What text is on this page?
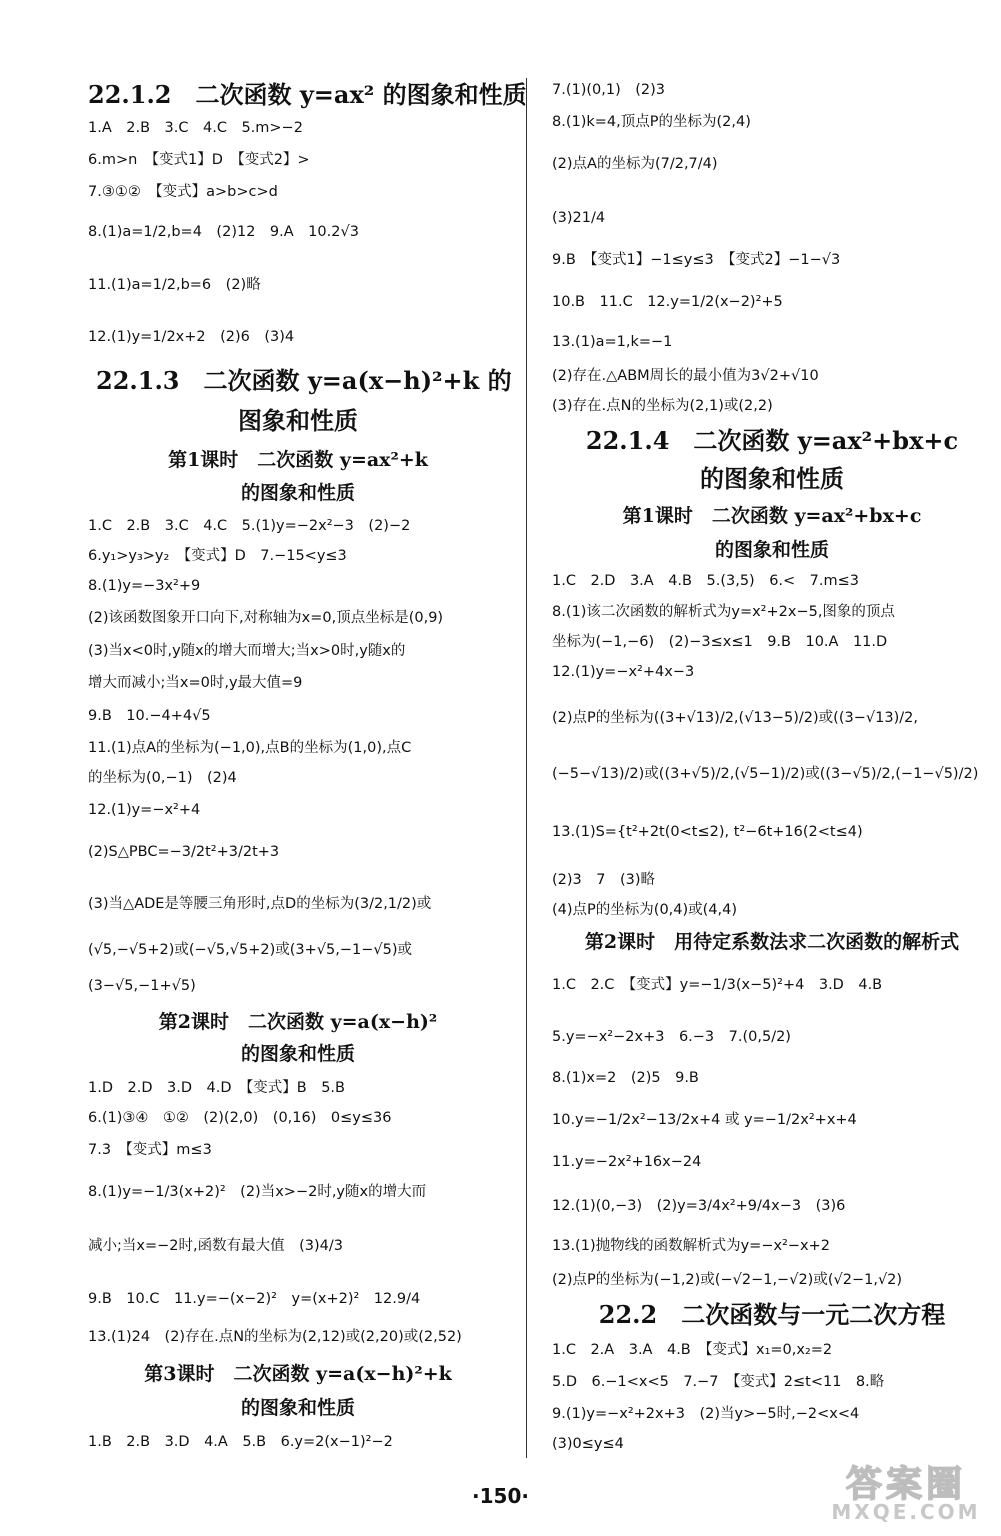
22.1.2　二次函数 y=ax² 的图象和性质
1.A　2.B　3.C　4.C　5.m>−2
6.m>n　【变式1】D　【变式2】>
7.③①②　【变式】a>b>c>d
8.(1)a=1/2,b=4　(2)12　9.A　10.2√3
11.(1)a=1/2,b=6　(2)略
12.(1)y=1/2x+2　(2)6　(3)4
22.1.3　二次函数 y=a(x−h)²+k 的
图象和性质
第1课时　二次函数 y=ax²+k
的图象和性质
1.C　2.B　3.C　4.C　5.(1)y=−2x²−3　(2)−2
6.y₁>y₃>y₂　【变式】D　7.−15<y≤3
8.(1)y=−3x²+9
(2)该函数图象开口向下,对称轴为x=0,顶点坐标是(0,9)
(3)当x<0时,y随x的增大而增大;当x>0时,y随x的
增大而减小;当x=0时,y最大值=9
9.B　10.−4+4√5
11.(1)点A的坐标为(−1,0),点B的坐标为(1,0),点C
的坐标为(0,−1)　(2)4
12.(1)y=−x²+4
(2)S△PBC=−3/2t²+3/2t+3
(3)当△ADE是等腰三角形时,点D的坐标为(3/2,1/2)或
(√5,−√5+2)或(−√5,√5+2)或(3+√5,−1−√5)或
(3−√5,−1+√5)
第2课时　二次函数 y=a(x−h)²
的图象和性质
1.D　2.D　3.D　4.D　【变式】B　5.B
6.(1)③④　①②　(2)(2,0)　(0,16)　0≤y≤36
7.3　【变式】m≤3
8.(1)y=−1/3(x+2)²　(2)当x>−2时,y随x的增大而
减小;当x=−2时,函数有最大值　(3)4/3
9.B　10.C　11.y=−(x−2)²　y=(x+2)²　12.9/4
13.(1)24　(2)存在.点N的坐标为(2,12)或(2,20)或(2,52)
第3课时　二次函数 y=a(x−h)²+k
的图象和性质
1.B　2.B　3.D　4.A　5.B　6.y=2(x−1)²−2
7.(1)(0,1)　(2)3
8.(1)k=4,顶点P的坐标为(2,4)
(2)点A的坐标为(7/2,7/4)
(3)21/4
9.B　【变式1】−1≤y≤3　【变式2】−1−√3
10.B　11.C　12.y=1/2(x−2)²+5
13.(1)a=1,k=−1
(2)存在.△ABM周长的最小值为3√2+√10
(3)存在.点N的坐标为(2,1)或(2,2)
22.1.4　二次函数 y=ax²+bx+c
的图象和性质
第1课时　二次函数 y=ax²+bx+c
的图象和性质
1.C　2.D　3.A　4.B　5.(3,5)　6.<　7.m≤3
8.(1)该二次函数的解析式为y=x²+2x−5,图象的顶点
坐标为(−1,−6)　(2)−3≤x≤1　9.B　10.A　11.D
12.(1)y=−x²+4x−3
(2)点P的坐标为((3+√13)/2,(√13−5)/2)或((3−√13)/2,
(−5−√13)/2)或((3+√5)/2,(√5−1)/2)或((3−√5)/2,(−1−√5)/2)
13.(1)S={t²+2t(0<t≤2), t²−6t+16(2<t≤4)
(2)3　7　(3)略
(4)点P的坐标为(0,4)或(4,4)
第2课时　用待定系数法求二次函数的解析式
1.C　2.C　【变式】y=−1/3(x−5)²+4　3.D　4.B
5.y=−x²−2x+3　6.−3　7.(0,5/2)
8.(1)x=2　(2)5　9.B
10.y=−1/2x²−13/2x+4 或 y=−1/2x²+x+4
11.y=−2x²+16x−24
12.(1)(0,−3)　(2)y=3/4x²+9/4x−3　(3)6
13.(1)抛物线的函数解析式为y=−x²−x+2
(2)点P的坐标为(−1,2)或(−√2−1,−√2)或(√2−1,√2)
22.2　二次函数与一元二次方程
1.C　2.A　3.A　4.B　【变式】x₁=0,x₂=2
5.D　6.−1<x<5　7.−7　【变式】2≤t<11　8.略
9.(1)y=−x²+2x+3　(2)当y>−5时,−2<x<4
(3)0≤y≤4
·150·	答案圈
MXQE.COM
